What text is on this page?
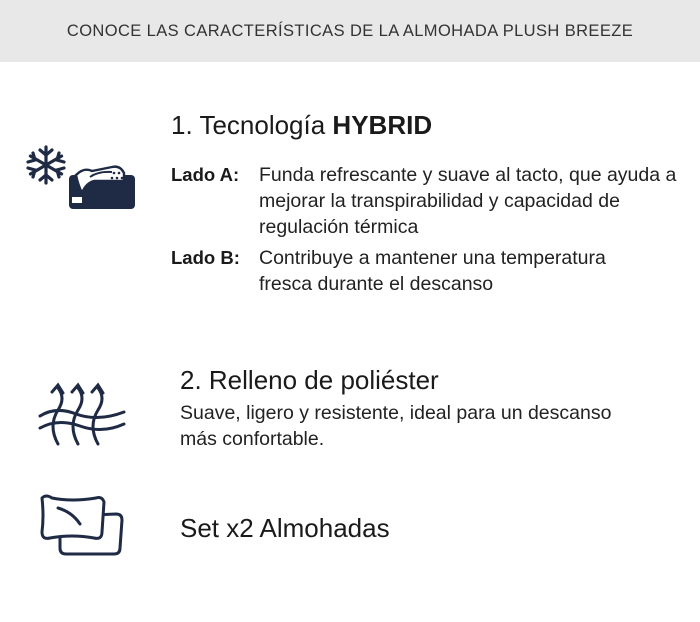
CONOCE LAS CARACTERÍSTICAS DE LA ALMOHADA PLUSH BREEZE
1. Tecnología HYBRID
Lado A:	Funda refrescante y suave al tacto, que ayuda a mejorar la transpirabilidad y capacidad de regulación térmica
Lado B: Contribuye a mantener una temperatura fresca durante el descanso
2. Relleno de poliéster
Suave, ligero y resistente, ideal para un descanso más confortable.
Set x2 Almohadas
